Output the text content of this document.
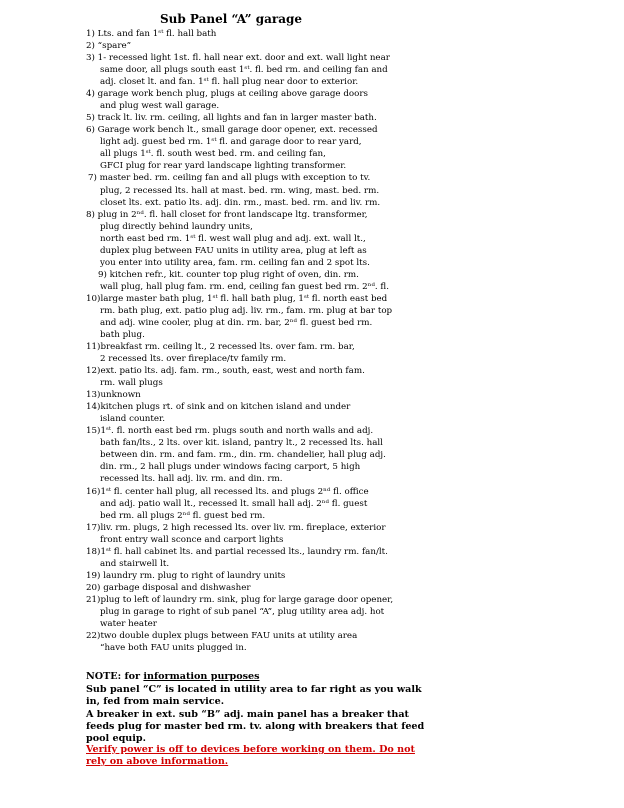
Sub Panel “A” garage
1) Lts. and fan 1ˢᵗ fl. hall bath
2) “spare”
3) 1- recessed light 1st. fl. hall near ext. door and ext. wall light near
same door, all plugs south east 1ˢᵗ. fl. bed rm. and ceiling fan and
adj. closet lt. and fan. 1ˢᵗ fl. hall plug near door to exterior.
4) garage work bench plug, plugs at ceiling above garage doors
and plug west wall garage.
5) track lt. liv. rm. ceiling, all lights and fan in larger master bath.
6) Garage work bench lt., small garage door opener, ext. recessed
light adj. guest bed rm. 1ˢᵗ fl. and garage door to rear yard,
all plugs 1ˢᵗ. fl. south west bed. rm. and ceiling fan,
GFCI plug for rear yard landscape lighting transformer.
7) master bed. rm. ceiling fan and all plugs with exception to tv.
plug, 2 recessed lts. hall at mast. bed. rm. wing, mast. bed. rm.
closet lts. ext. patio lts. adj. din. rm., mast. bed. rm. and liv. rm.
8) plug in 2ⁿᵈ. fl. hall closet for front landscape ltg. transformer,
plug directly behind laundry units,
north east bed rm. 1ˢᵗ fl. west wall plug and adj. ext. wall lt.,
duplex plug between FAU units in utility area, plug at left as
you enter into utility area, fam. rm. ceiling fan and 2 spot lts.
9) kitchen refr., kit. counter top plug right of oven, din. rm.
wall plug, hall plug fam. rm. end, ceiling fan guest bed rm. 2ⁿᵈ. fl.
10)large master bath plug, 1ˢᵗ fl. hall bath plug, 1ˢᵗ fl. north east bed
rm. bath plug, ext. patio plug adj. liv. rm., fam. rm. plug at bar top
and adj. wine cooler, plug at din. rm. bar, 2ⁿᵈ fl. guest bed rm.
bath plug.
11)breakfast rm. ceiling lt., 2 recessed lts. over fam. rm. bar,
2 recessed lts. over fireplace/tv family rm.
12)ext. patio lts. adj. fam. rm., south, east, west and north fam.
rm. wall plugs
13)unknown
14)kitchen plugs rt. of sink and on kitchen island and under
island counter.
15)1ˢᵗ. fl. north east bed rm. plugs south and north walls and adj.
bath fan/lts., 2 lts. over kit. island, pantry lt., 2 recessed lts. hall
between din. rm. and fam. rm., din. rm. chandelier, hall plug adj.
din. rm., 2 hall plugs under windows facing carport, 5 high
recessed lts. hall adj. liv. rm. and din. rm.
16)1ˢᵗ fl. center hall plug, all recessed lts. and plugs 2ⁿᵈ fl. office
and adj. patio wall lt., recessed lt. small hall adj. 2ⁿᵈ fl. guest
bed rm. all plugs 2ⁿᵈ fl. guest bed rm.
17)liv. rm. plugs, 2 high recessed lts. over liv. rm. fireplace, exterior
front entry wall sconce and carport lights
18)1ˢᵗ fl. hall cabinet lts. and partial recessed lts., laundry rm. fan/lt.
and stairwell lt.
19) laundry rm. plug to right of laundry units
20) garbage disposal and dishwasher
21)plug to left of laundry rm. sink, plug for large garage door opener,
plug in garage to right of sub panel “A”, plug utility area adj. hot
water heater
22)two double duplex plugs between FAU units at utility area
“have both FAU units plugged in.
NOTE: for information purposes
Sub panel “C” is located in utility area to far right as you walk
in, fed from main service.
A breaker in ext. sub “B” adj. main panel has a breaker that
feeds plug for master bed rm. tv. along with breakers that feed
pool equip.
Verify power is off to devices before working on them. Do not
rely on above information.
